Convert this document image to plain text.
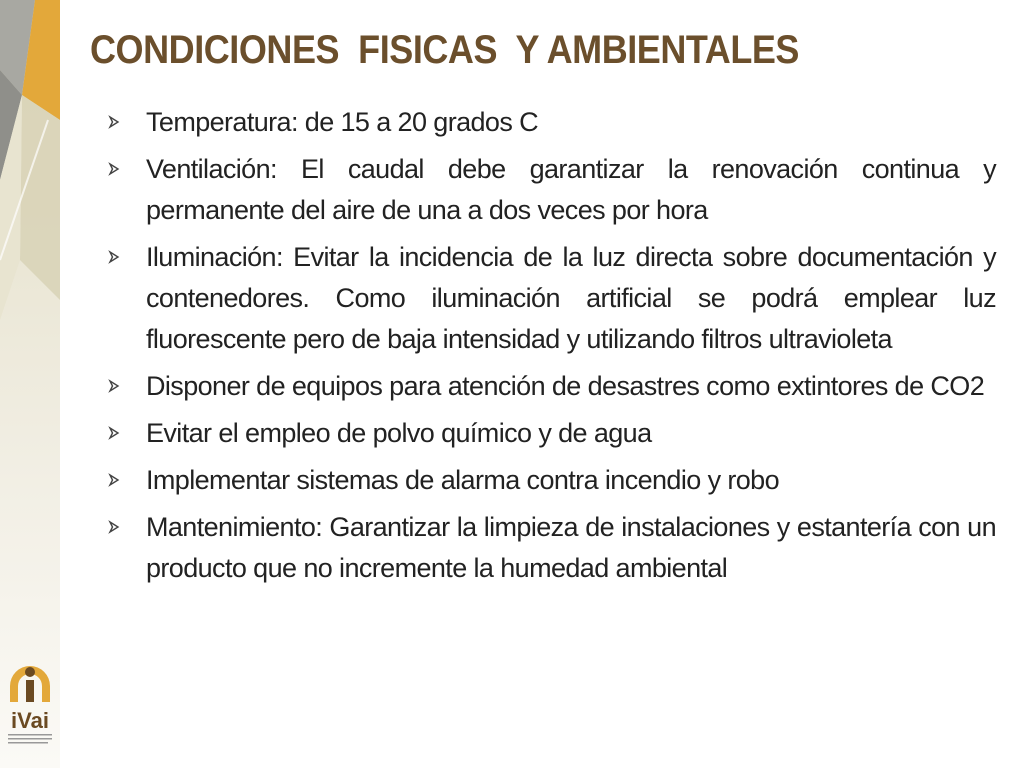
iVai
CONDICIONES  FISICAS  Y AMBIENTALES
Temperatura: de 15 a 20 grados C
Ventilación: El caudal debe garantizar la renovación continua y permanente del aire de una a dos veces por hora
Iluminación: Evitar la incidencia de la luz directa sobre documentación y contenedores. Como iluminación artificial se podrá emplear luz fluorescente pero de baja intensidad y utilizando filtros ultravioleta
Disponer de equipos para atención de desastres como extintores de CO2
Evitar el empleo de polvo químico y de agua
Implementar sistemas de alarma contra incendio y robo
Mantenimiento: Garantizar la limpieza de instalaciones y estantería con un producto que no incremente la humedad ambiental
